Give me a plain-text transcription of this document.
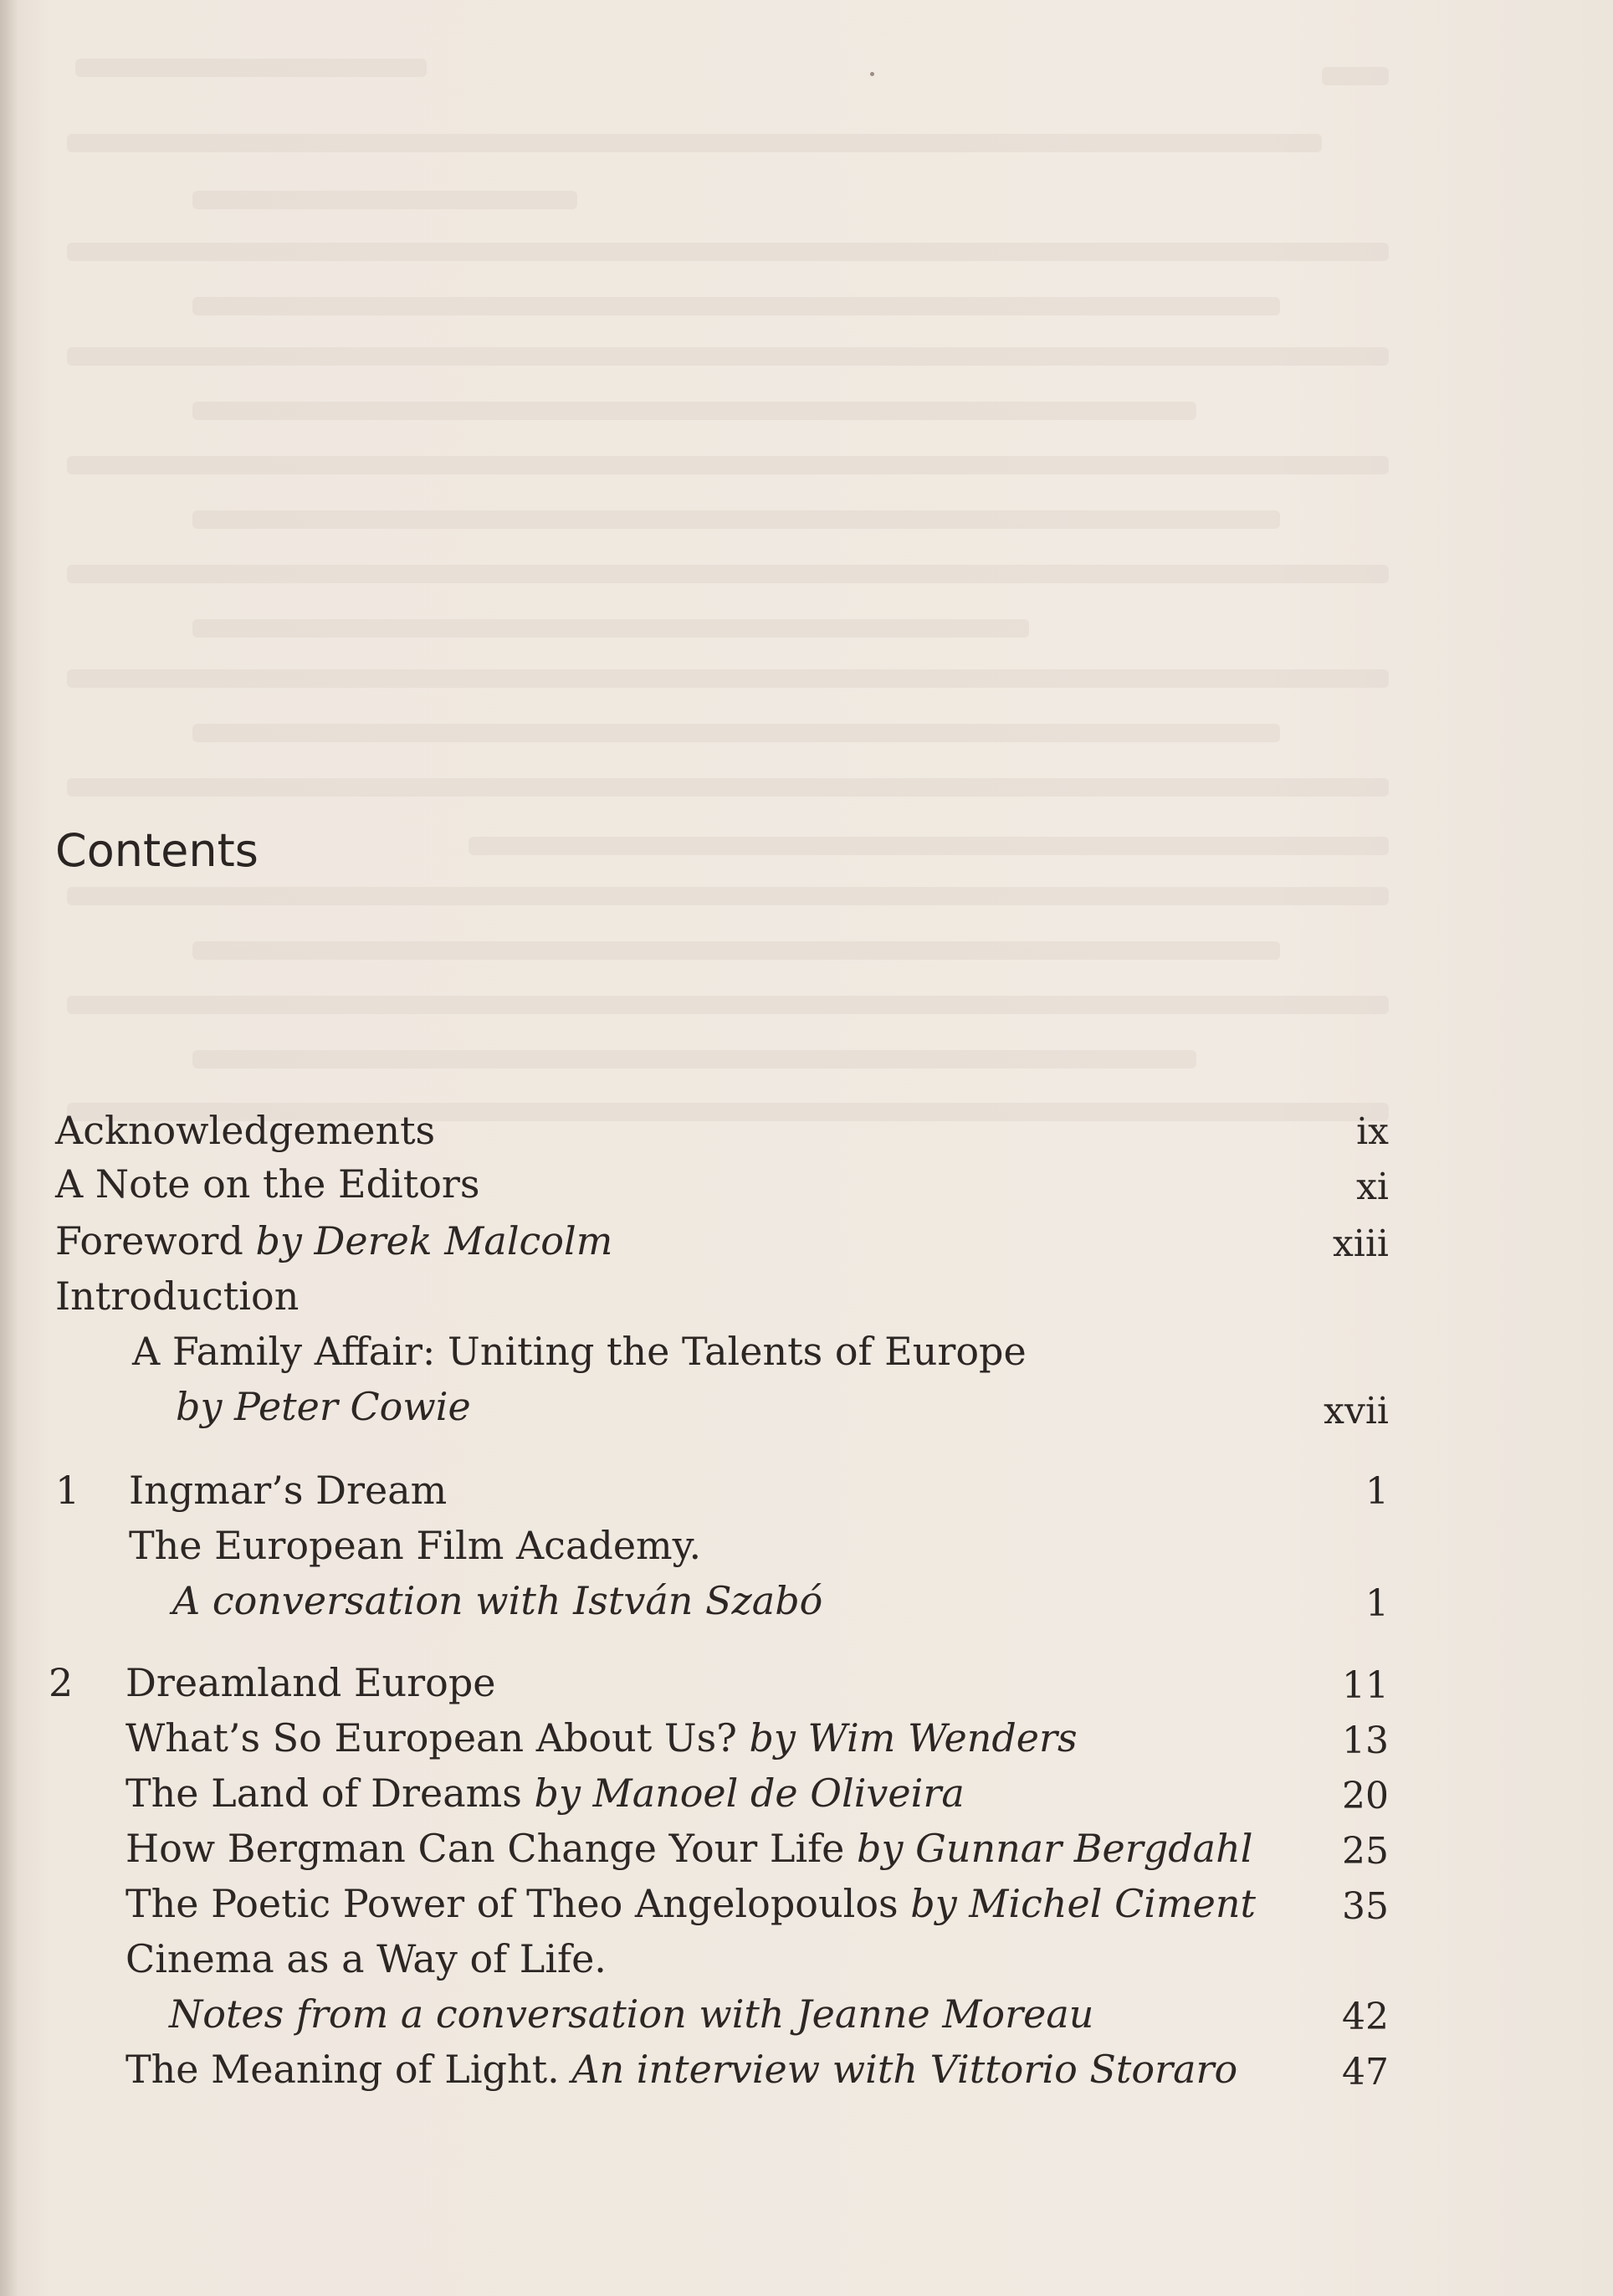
Contents
Acknowledgements	ix
A Note on the Editors	xi
Foreword by Derek Malcolm	xiii
Introduction
A Family Affair: Uniting the Talents of Europe
by Peter Cowie	xvii
1 Ingmar’s Dream	1
The European Film Academy.
A conversation with István Szabó	1
2 Dreamland Europe	11
What’s So European About Us? by Wim Wenders	13
The Land of Dreams by Manoel de Oliveira	20
How Bergman Can Change Your Life by Gunnar Bergdahl 25
The Poetic Power of Theo Angelopoulos by Michel Ciment 35
Cinema as a Way of Life.
Notes from a conversation with Jeanne Moreau	42
The Meaning of Light. An interview with Vittorio Storaro	47
